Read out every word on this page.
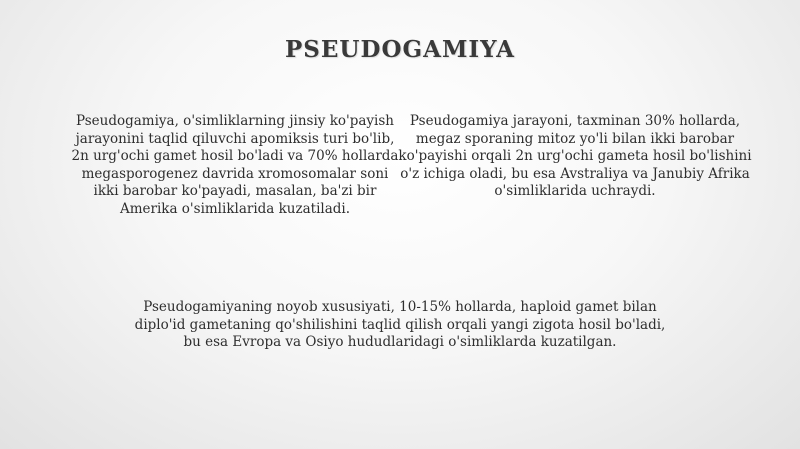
PSEUDOGAMIYA
Pseudogamiya, o'simliklarning jinsiy ko'payish jarayonini taqlid qiluvchi apomiksis turi bo'lib, 2n urg'ochi gamet hosil bo'ladi va 70% hollarda megasporogenez davrida xromosomalar soni ikki barobar ko'payadi, masalan, ba'zi bir Amerika o'simliklarida kuzatiladi.
Pseudogamiya jarayoni, taxminan 30% hollarda, megaz sporaning mitoz yo'li bilan ikki barobar ko'payishi orqali 2n urg'ochi gameta hosil bo'lishini o'z ichiga oladi, bu esa Avstraliya va Janubiy Afrika o'simliklarida uchraydi.
Pseudogamiyaning noyob xususiyati, 10-15% hollarda, haploid gamet bilan diplo'id gametaning qo'shilishini taqlid qilish orqali yangi zigota hosil bo'ladi, bu esa Evropa va Osiyo hududlaridagi o'simliklarda kuzatilgan.
